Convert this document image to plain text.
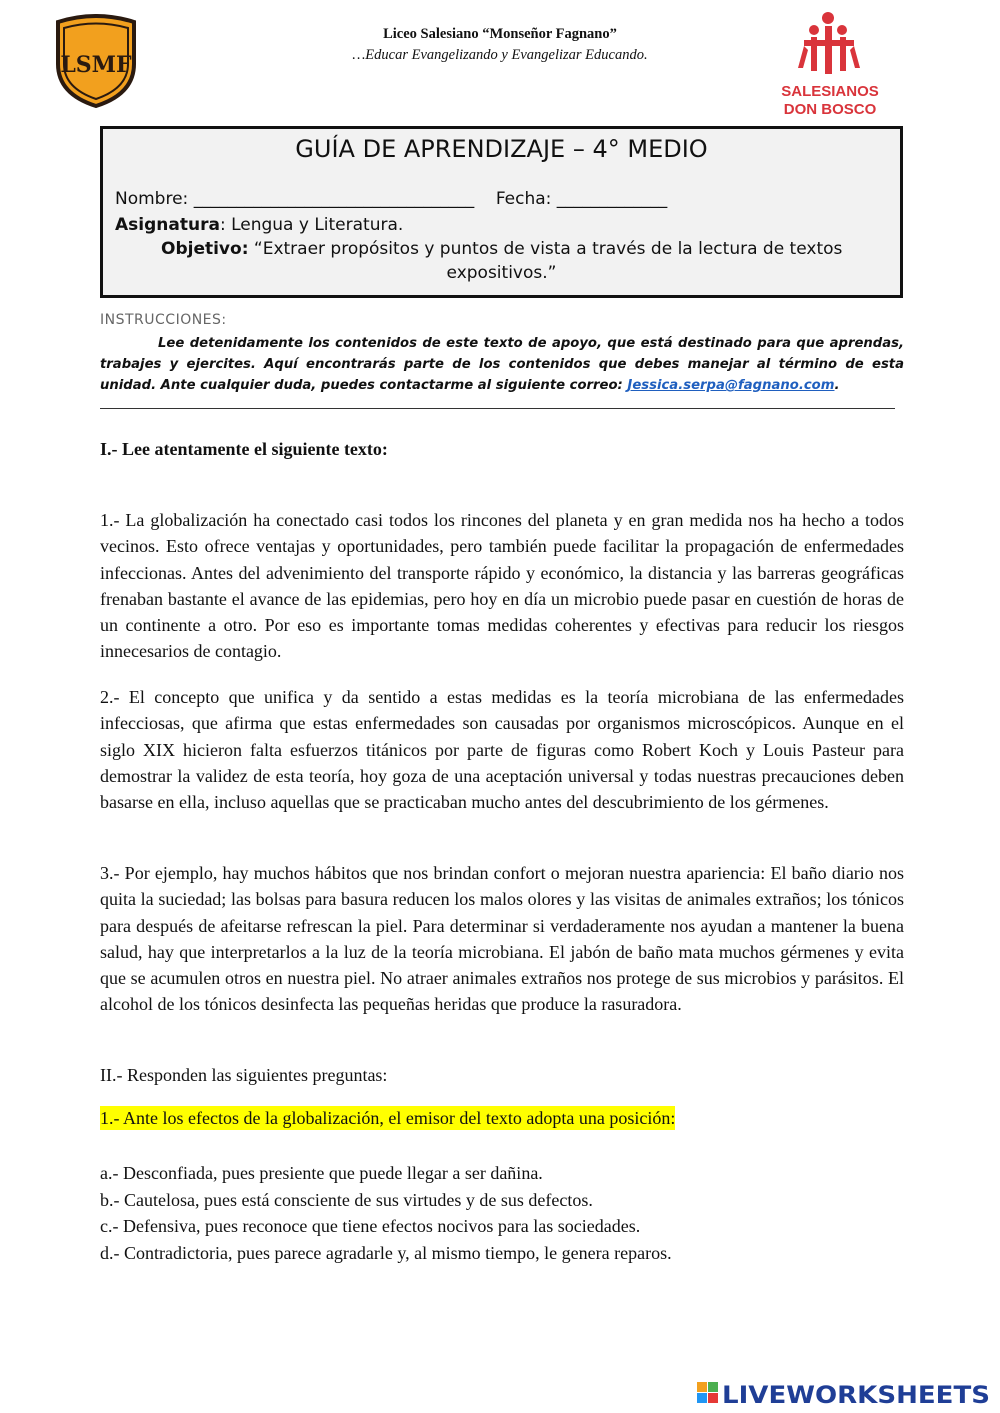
LSMF
Liceo Salesiano “Monseñor Fagnano”
…Educar Evangelizando y Evangelizar Educando.
SALESIANOS
DON BOSCO
GUÍA DE APRENDIZAJE – 4° MEDIO
Nombre: _________________________________ Fecha: _____________
Asignatura: Lengua y Literatura.
Objetivo: “Extraer propósitos y puntos de vista a través de la lectura de textos
expositivos.”
INSTRUCCIONES:
Lee detenidamente los contenidos de este texto de apoyo, que está destinado para que aprendas, trabajes y ejercites. Aquí encontrarás parte de los contenidos que debes manejar al término de esta unidad. Ante cualquier duda, puedes contactarme al siguiente correo: Jessica.serpa@fagnano.com.
I.- Lee atentamente el siguiente texto:
1.- La globalización ha conectado casi todos los rincones del planeta y en gran medida nos ha hecho a todos vecinos. Esto ofrece ventajas y oportunidades, pero también puede facilitar la propagación de enfermedades infeccionas. Antes del advenimiento del transporte rápido y económico, la distancia y las barreras geográficas frenaban bastante el avance de las epidemias, pero hoy en día un microbio puede pasar en cuestión de horas de un continente a otro. Por eso es importante tomas medidas coherentes y efectivas para reducir los riesgos innecesarios de contagio.
2.- El concepto que unifica y da sentido a estas medidas es la teoría microbiana de las enfermedades infecciosas, que afirma que estas enfermedades son causadas por organismos microscópicos. Aunque en el siglo XIX hicieron falta esfuerzos titánicos por parte de figuras como Robert Koch y Louis Pasteur para demostrar la validez de esta teoría, hoy goza de una aceptación universal y todas nuestras precauciones deben basarse en ella, incluso aquellas que se practicaban mucho antes del descubrimiento de los gérmenes.
3.- Por ejemplo, hay muchos hábitos que nos brindan confort o mejoran nuestra apariencia: El baño diario nos quita la suciedad; las bolsas para basura reducen los malos olores y las visitas de animales extraños; los tónicos para después de afeitarse refrescan la piel. Para determinar si verdaderamente nos ayudan a mantener la buena salud, hay que interpretarlos a la luz de la teoría microbiana. El jabón de baño mata muchos gérmenes y evita que se acumulen otros en nuestra piel. No atraer animales extraños nos protege de sus microbios y parásitos. El alcohol de los tónicos desinfecta las pequeñas heridas que produce la rasuradora.
II.- Responden las siguientes preguntas:
1.- Ante los efectos de la globalización, el emisor del texto adopta una posición:
a.- Desconfiada, pues presiente que puede llegar a ser dañina.
b.- Cautelosa, pues está consciente de sus virtudes y de sus defectos.
c.- Defensiva, pues reconoce que tiene efectos nocivos para las sociedades.
d.- Contradictoria, pues parece agradarle y, al mismo tiempo, le genera reparos.
LIVE WORKSHEETS
